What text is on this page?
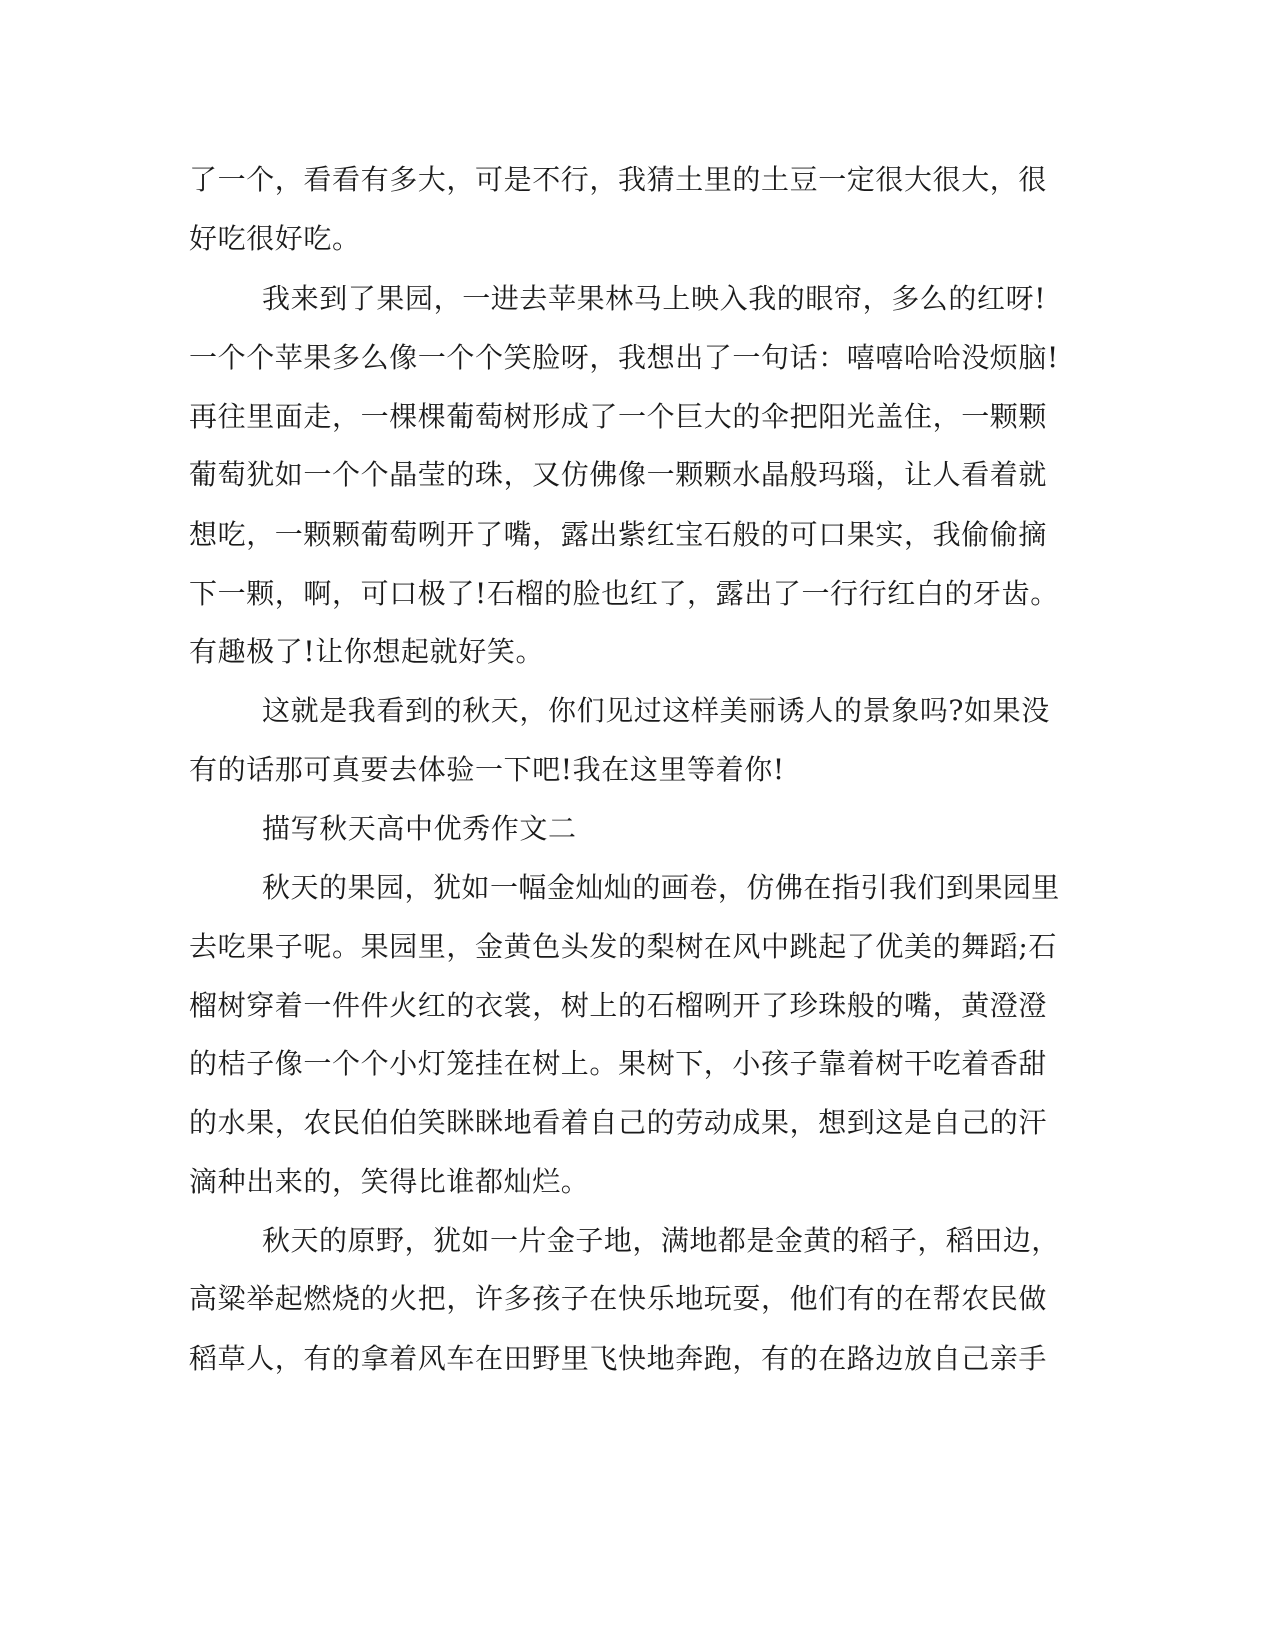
了一个，看看有多大，可是不行，我猜土里的土豆一定很大很大，很
好吃很好吃。
我来到了果园，一进去苹果林马上映入我的眼帘，多么的红呀!
一个个苹果多么像一个个笑脸呀，我想出了一句话：嘻嘻哈哈没烦脑!
再往里面走，一棵棵葡萄树形成了一个巨大的伞把阳光盖住，一颗颗
葡萄犹如一个个晶莹的珠，又仿佛像一颗颗水晶般玛瑙，让人看着就
想吃，一颗颗葡萄咧开了嘴，露出紫红宝石般的可口果实，我偷偷摘
下一颗，啊，可口极了!石榴的脸也红了，露出了一行行红白的牙齿。
有趣极了!让你想起就好笑。
这就是我看到的秋天，你们见过这样美丽诱人的景象吗?如果没
有的话那可真要去体验一下吧!我在这里等着你!
描写秋天高中优秀作文二
秋天的果园，犹如一幅金灿灿的画卷，仿佛在指引我们到果园里
去吃果子呢。果园里，金黄色头发的梨树在风中跳起了优美的舞蹈;石
榴树穿着一件件火红的衣裳，树上的石榴咧开了珍珠般的嘴，黄澄澄
的桔子像一个个小灯笼挂在树上。果树下，小孩子靠着树干吃着香甜
的水果，农民伯伯笑眯眯地看着自己的劳动成果，想到这是自己的汗
滴种出来的，笑得比谁都灿烂。
秋天的原野，犹如一片金子地，满地都是金黄的稻子，稻田边，
高粱举起燃烧的火把，许多孩子在快乐地玩耍，他们有的在帮农民做
稻草人，有的拿着风车在田野里飞快地奔跑，有的在路边放自己亲手
